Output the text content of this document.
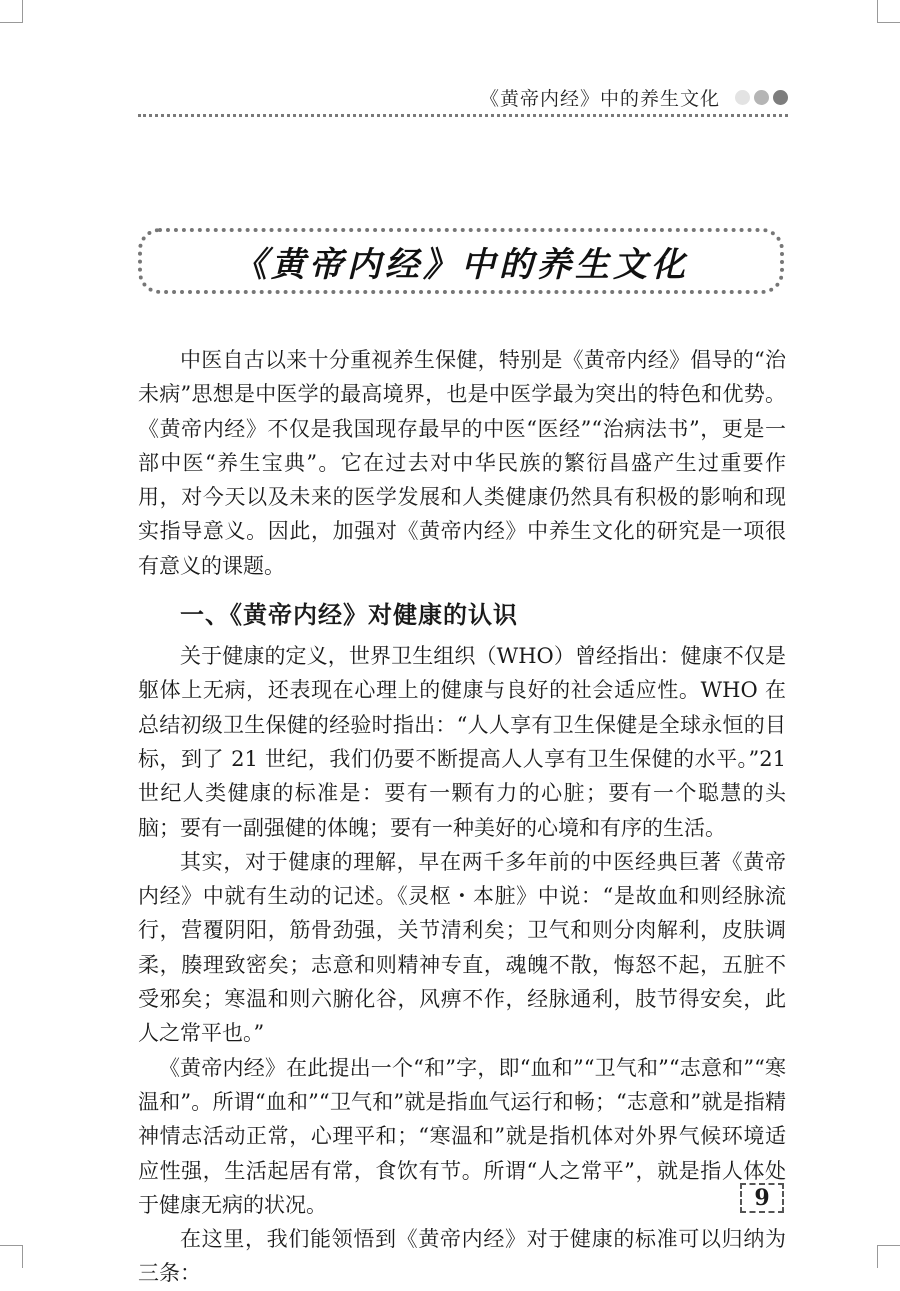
《黄帝内经》中的养生文化
《黄帝内经》中的养生文化

中医自古以来十分重视养生保健，特别是《黄帝内经》倡导的“治未病”思想是中医学的最高境界，也是中医学最为突出的特色和优势。《黄帝内经》不仅是我国现存最早的中医“医经”“治病法书”，更是一部中医“养生宝典”。它在过去对中华民族的繁衍昌盛产生过重要作用，对今天以及未来的医学发展和人类健康仍然具有积极的影响和现实指导意义。因此，加强对《黄帝内经》中养生文化的研究是一项很有意义的课题。

一、《黄帝内经》对健康的认识

关于健康的定义，世界卫生组织（WHO）曾经指出：健康不仅是躯体上无病，还表现在心理上的健康与良好的社会适应性。WHO 在总结初级卫生保健的经验时指出：“人人享有卫生保健是全球永恒的目标，到了 21 世纪，我们仍要不断提高人人享有卫生保健的水平。”21 世纪人类健康的标准是：要有一颗有力的心脏；要有一个聪慧的头脑；要有一副强健的体魄；要有一种美好的心境和有序的生活。

其实，对于健康的理解，早在两千多年前的中医经典巨著《黄帝内经》中就有生动的记述。《灵枢・本脏》中说：“是故血和则经脉流行，营覆阴阳，筋骨劲强，关节清利矣；卫气和则分肉解利，皮肤调柔，腠理致密矣；志意和则精神专直，魂魄不散，悔怒不起，五脏不受邪矣；寒温和则六腑化谷，风痹不作，经脉通利，肢节得安矣，此人之常平也。”

《黄帝内经》在此提出一个“和”字，即“血和”“卫气和”“志意和”“寒温和”。所谓“血和”“卫气和”就是指血气运行和畅；“志意和”就是指精神情志活动正常，心理平和；“寒温和”就是指机体对外界气候环境适应性强，生活起居有常，食饮有节。所谓“人之常平”，就是指人体处于健康无病的状况。

在这里，我们能领悟到《黄帝内经》对于健康的标准可以归纳为三条：

9
